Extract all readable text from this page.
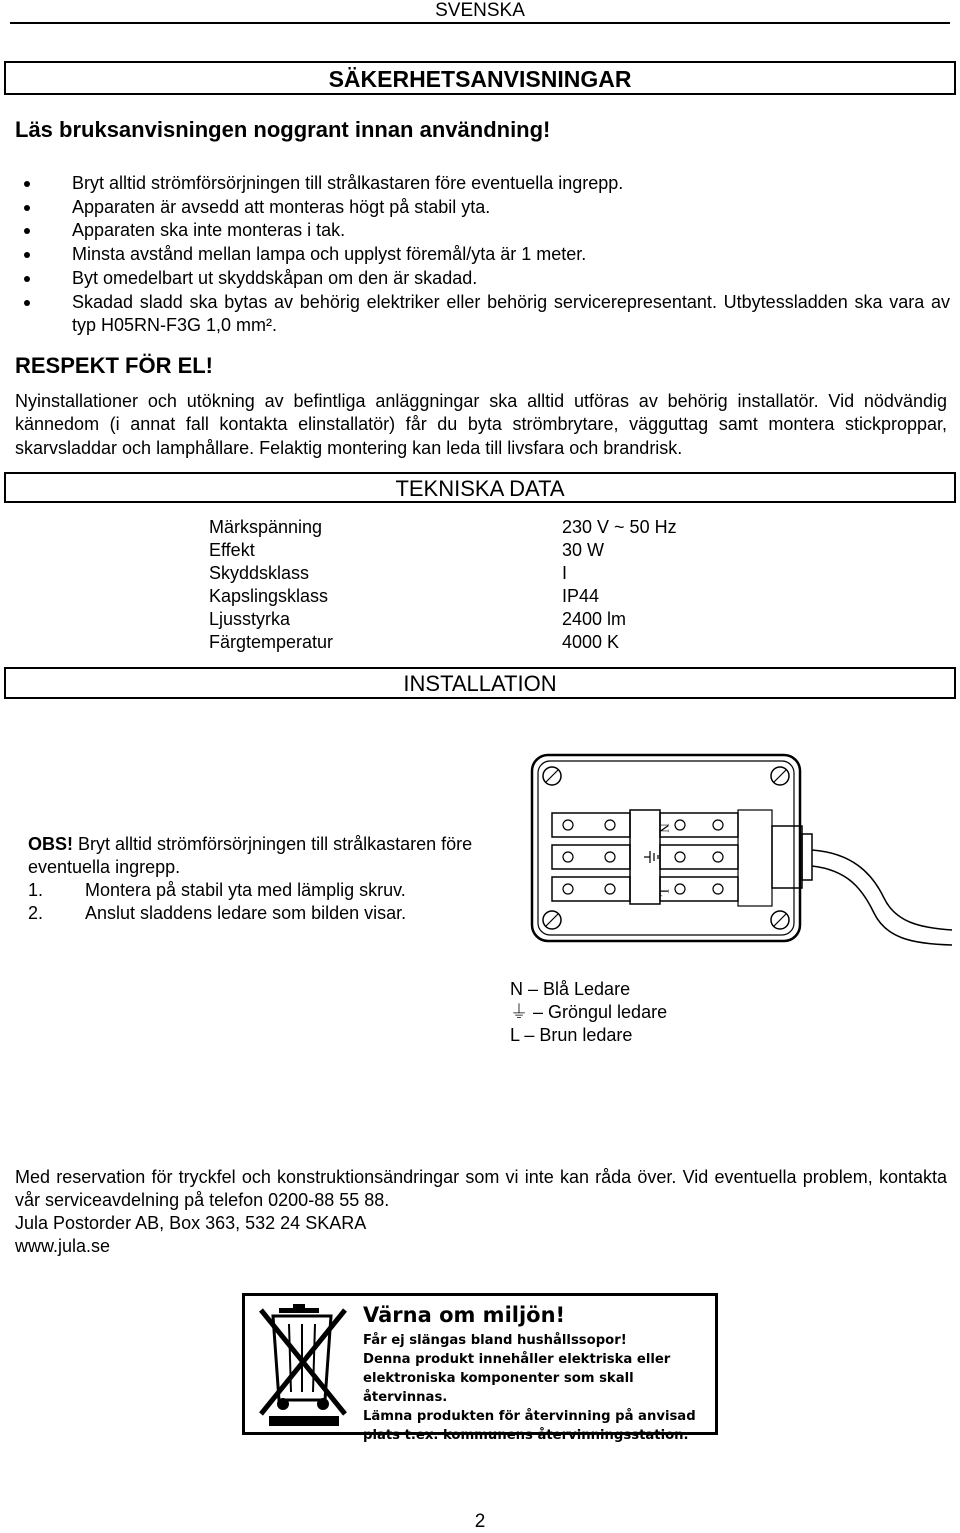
SVENSKA
SÄKERHETSANVISNINGAR
Läs bruksanvisningen noggrant innan användning!
Bryt alltid strömförsörjningen till strålkastaren före eventuella ingrepp.
Apparaten är avsedd att monteras högt på stabil yta.
Apparaten ska inte monteras i tak.
Minsta avstånd mellan lampa och upplyst föremål/yta är 1 meter.
Byt omedelbart ut skyddskåpan om den är skadad.
Skadad sladd ska bytas av behörig elektriker eller behörig servicerepresentant. Utbytessladden ska vara av typ H05RN-F3G 1,0 mm².
RESPEKT FÖR EL!
Nyinstallationer och utökning av befintliga anläggningar ska alltid utföras av behörig installatör. Vid nödvändig kännedom (i annat fall kontakta elinstallatör) får du byta strömbrytare, vägguttag samt montera stickproppar, skarvsladdar och lamphållare. Felaktig montering kan leda till livsfara och brandrisk.
TEKNISKA DATA
Märkspänning	230 V ~ 50 Hz
Effekt	30 W
Skyddsklass	I
Kapslingsklass	IP44
Ljusstyrka	2400 lm
Färgtemperatur	4000 K
INSTALLATION
N
L
OBS! Bryt alltid strömförsörjningen till strålkastaren före eventuella ingrepp.
1. Montera på stabil yta med lämplig skruv.
2. Anslut sladdens ledare som bilden visar.
N – Blå Ledare
⏚ – Gröngul ledare
L – Brun ledare
Med reservation för tryckfel och konstruktionsändringar som vi inte kan råda över. Vid eventuella problem, kontakta vår serviceavdelning på telefon 0200-88 55 88.
Jula Postorder AB, Box 363, 532 24 SKARA
www.jula.se
Värna om miljön!
Får ej slängas bland hushållssopor!
Denna produkt innehåller elektriska eller
elektroniska komponenter som skall återvinnas.
Lämna produkten för återvinning på anvisad
plats t.ex. kommunens återvinningsstation.
2
